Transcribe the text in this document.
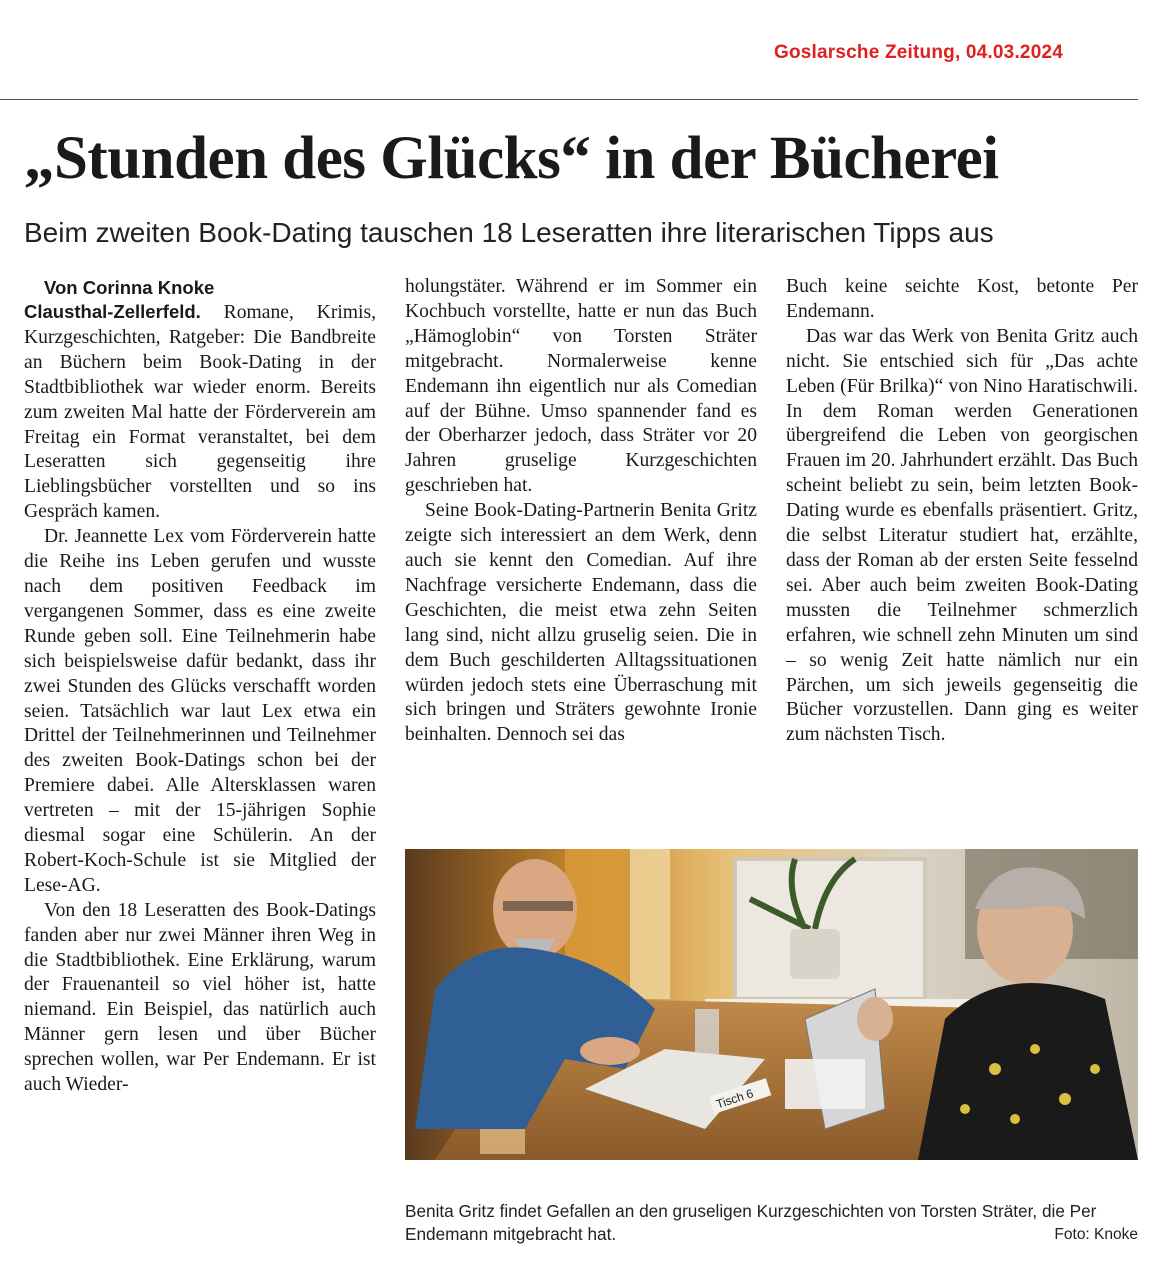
Goslarsche Zeitung, 04.03.2024
„Stunden des Glücks“ in der Bücherei
Beim zweiten Book-Dating tauschen 18 Leseratten ihre literarischen Tipps aus

Von Corinna Knoke

Clausthal-Zellerfeld. Romane, Krimis, Kurzgeschichten, Ratgeber: Die Bandbreite an Büchern beim Book-Dating in der Stadtbibliothek war wieder enorm. Bereits zum zweiten Mal hatte der Förderverein am Freitag ein Format veranstaltet, bei dem Leseratten sich gegenseitig ihre Lieblingsbücher vorstellten und so ins Gespräch kamen.

Dr. Jeannette Lex vom Förderverein hatte die Reihe ins Leben gerufen und wusste nach dem positiven Feedback im vergangenen Sommer, dass es eine zweite Runde geben soll. Eine Teilnehmerin habe sich beispielsweise dafür bedankt, dass ihr zwei Stunden des Glücks verschafft worden seien. Tatsächlich war laut Lex etwa ein Drittel der Teilnehmerinnen und Teilnehmer des zweiten Book-Datings schon bei der Premiere dabei. Alle Altersklassen waren vertreten – mit der 15-jährigen Sophie diesmal sogar eine Schülerin. An der Robert-Koch-Schule ist sie Mitglied der Lese-AG.

Von den 18 Leseratten des Book-Datings fanden aber nur zwei Männer ihren Weg in die Stadtbibliothek. Eine Erklärung, warum der Frauenanteil so viel höher ist, hatte niemand. Ein Beispiel, das natürlich auch Männer gern lesen und über Bücher sprechen wollen, war Per Endemann. Er ist auch Wieder-

holungstäter. Während er im Sommer ein Kochbuch vorstellte, hatte er nun das Buch „Hämoglobin“ von Torsten Sträter mitgebracht. Normalerweise kenne Endemann ihn eigentlich nur als Comedian auf der Bühne. Umso spannender fand es der Oberharzer jedoch, dass Sträter vor 20 Jahren gruselige Kurzgeschichten geschrieben hat.

Seine Book-Dating-Partnerin Benita Gritz zeigte sich interessiert an dem Werk, denn auch sie kennt den Comedian. Auf ihre Nachfrage versicherte Endemann, dass die Geschichten, die meist etwa zehn Seiten lang sind, nicht allzu gruselig seien. Die in dem Buch geschilderten Alltagssituationen würden jedoch stets eine Überraschung mit sich bringen und Sträters gewohnte Ironie beinhalten. Dennoch sei das

Buch keine seichte Kost, betonte Per Endemann.

Das war das Werk von Benita Gritz auch nicht. Sie entschied sich für „Das achte Leben (Für Brilka)“ von Nino Haratischwili. In dem Roman werden Generationen übergreifend die Leben von georgischen Frauen im 20. Jahrhundert erzählt. Das Buch scheint beliebt zu sein, beim letzten Book-Dating wurde es ebenfalls präsentiert. Gritz, die selbst Literatur studiert hat, erzählte, dass der Roman ab der ersten Seite fesselnd sei. Aber auch beim zweiten Book-Dating mussten die Teilnehmer schmerzlich erfahren, wie schnell zehn Minuten um sind – so wenig Zeit hatte nämlich nur ein Pärchen, um sich jeweils gegenseitig die Bücher vorzustellen. Dann ging es weiter zum nächsten Tisch.

Tisch 6
Benita Gritz findet Gefallen an den gruseligen Kurzgeschichten von Torsten Sträter, die Per Endemann mitgebracht hat.	Foto: Knoke
